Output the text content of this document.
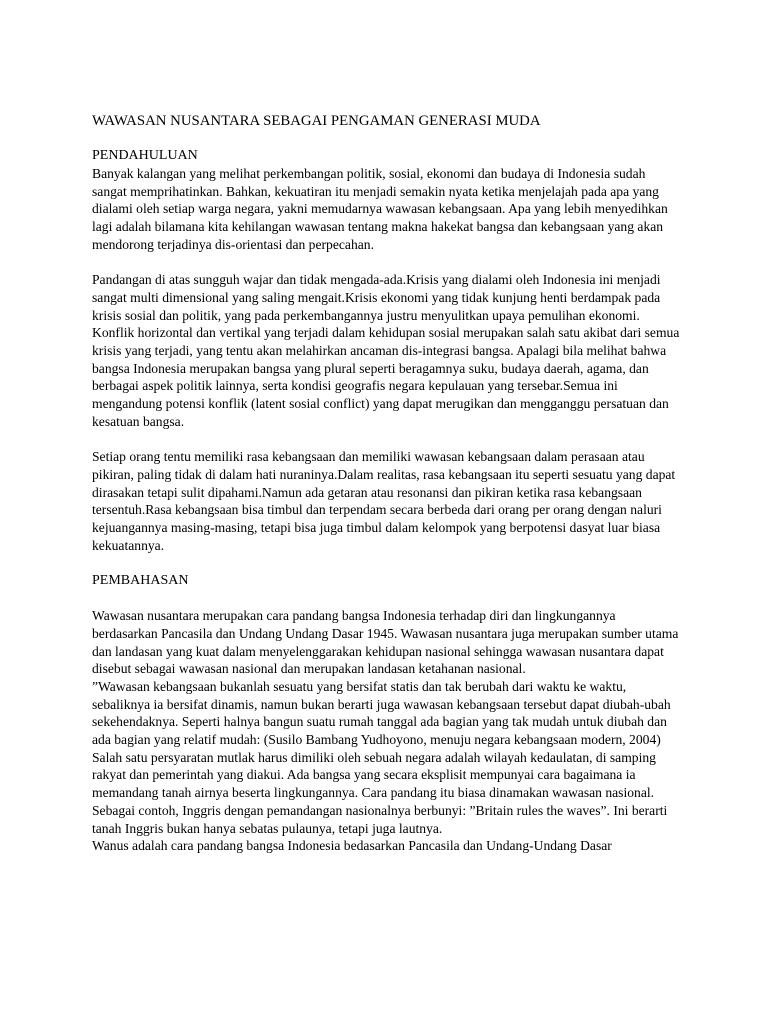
WAWASAN NUSANTARA SEBAGAI PENGAMAN GENERASI MUDA
PENDAHULUAN

Banyak kalangan yang melihat perkembangan politik, sosial, ekonomi dan budaya di Indonesia sudah sangat memprihatinkan. Bahkan, kekuatiran itu menjadi semakin nyata ketika menjelajah pada apa yang dialami oleh setiap warga negara, yakni memudarnya wawasan kebangsaan. Apa yang lebih menyedihkan lagi adalah bilamana kita kehilangan wawasan tentang makna hakekat bangsa dan kebangsaan yang akan mendorong terjadinya dis-orientasi dan perpecahan.

Pandangan di atas sungguh wajar dan tidak mengada-ada.Krisis yang dialami oleh Indonesia ini menjadi sangat multi dimensional yang saling mengait.Krisis ekonomi yang tidak kunjung henti berdampak pada krisis sosial dan politik, yang pada perkembangannya justru menyulitkan upaya pemulihan ekonomi. Konflik horizontal dan vertikal yang terjadi dalam kehidupan sosial merupakan salah satu akibat dari semua krisis yang terjadi, yang tentu akan melahirkan ancaman dis-integrasi bangsa. Apalagi bila melihat bahwa bangsa Indonesia merupakan bangsa yang plural seperti beragamnya suku, budaya daerah, agama, dan berbagai aspek politik lainnya, serta kondisi geografis negara kepulauan yang tersebar.Semua ini mengandung potensi konflik (latent sosial conflict) yang dapat merugikan dan mengganggu persatuan dan kesatuan bangsa.

Setiap orang tentu memiliki rasa kebangsaan dan memiliki wawasan kebangsaan dalam perasaan atau pikiran, paling tidak di dalam hati nuraninya.Dalam realitas, rasa kebangsaan itu seperti sesuatu yang dapat dirasakan tetapi sulit dipahami.Namun ada getaran atau resonansi dan pikiran ketika rasa kebangsaan tersentuh.Rasa kebangsaan bisa timbul dan terpendam secara berbeda dari orang per orang dengan naluri kejuangannya masing-masing, tetapi bisa juga timbul dalam kelompok yang berpotensi dasyat luar biasa kekuatannya.

PEMBAHASAN

Wawasan nusantara merupakan cara pandang bangsa Indonesia terhadap diri dan lingkungannya berdasarkan Pancasila dan Undang Undang Dasar 1945. Wawasan nusantara juga merupakan sumber utama dan landasan yang kuat dalam menyelenggarakan kehidupan nasional sehingga wawasan nusantara dapat disebut sebagai wawasan nasional dan merupakan landasan ketahanan nasional.

”Wawasan kebangsaan bukanlah sesuatu yang bersifat statis dan tak berubah dari waktu ke waktu, sebaliknya ia bersifat dinamis, namun bukan berarti juga wawasan kebangsaan tersebut dapat diubah-ubah sekehendaknya. Seperti halnya bangun suatu rumah tanggal ada bagian yang tak mudah untuk diubah dan ada bagian yang relatif mudah: (Susilo Bambang Yudhoyono, menuju negara kebangsaan modern, 2004)

Salah satu persyaratan mutlak harus dimiliki oleh sebuah negara adalah wilayah kedaulatan, di samping rakyat dan pemerintah yang diakui. Ada bangsa yang secara eksplisit mempunyai cara bagaimana ia memandang tanah airnya beserta lingkungannya. Cara pandang itu biasa dinamakan wawasan nasional. Sebagai contoh, Inggris dengan pemandangan nasionalnya berbunyi: ”Britain rules the waves”. Ini berarti tanah Inggris bukan hanya sebatas pulaunya, tetapi juga lautnya.

Wanus adalah cara pandang bangsa Indonesia bedasarkan Pancasila dan Undang-Undang Dasar
